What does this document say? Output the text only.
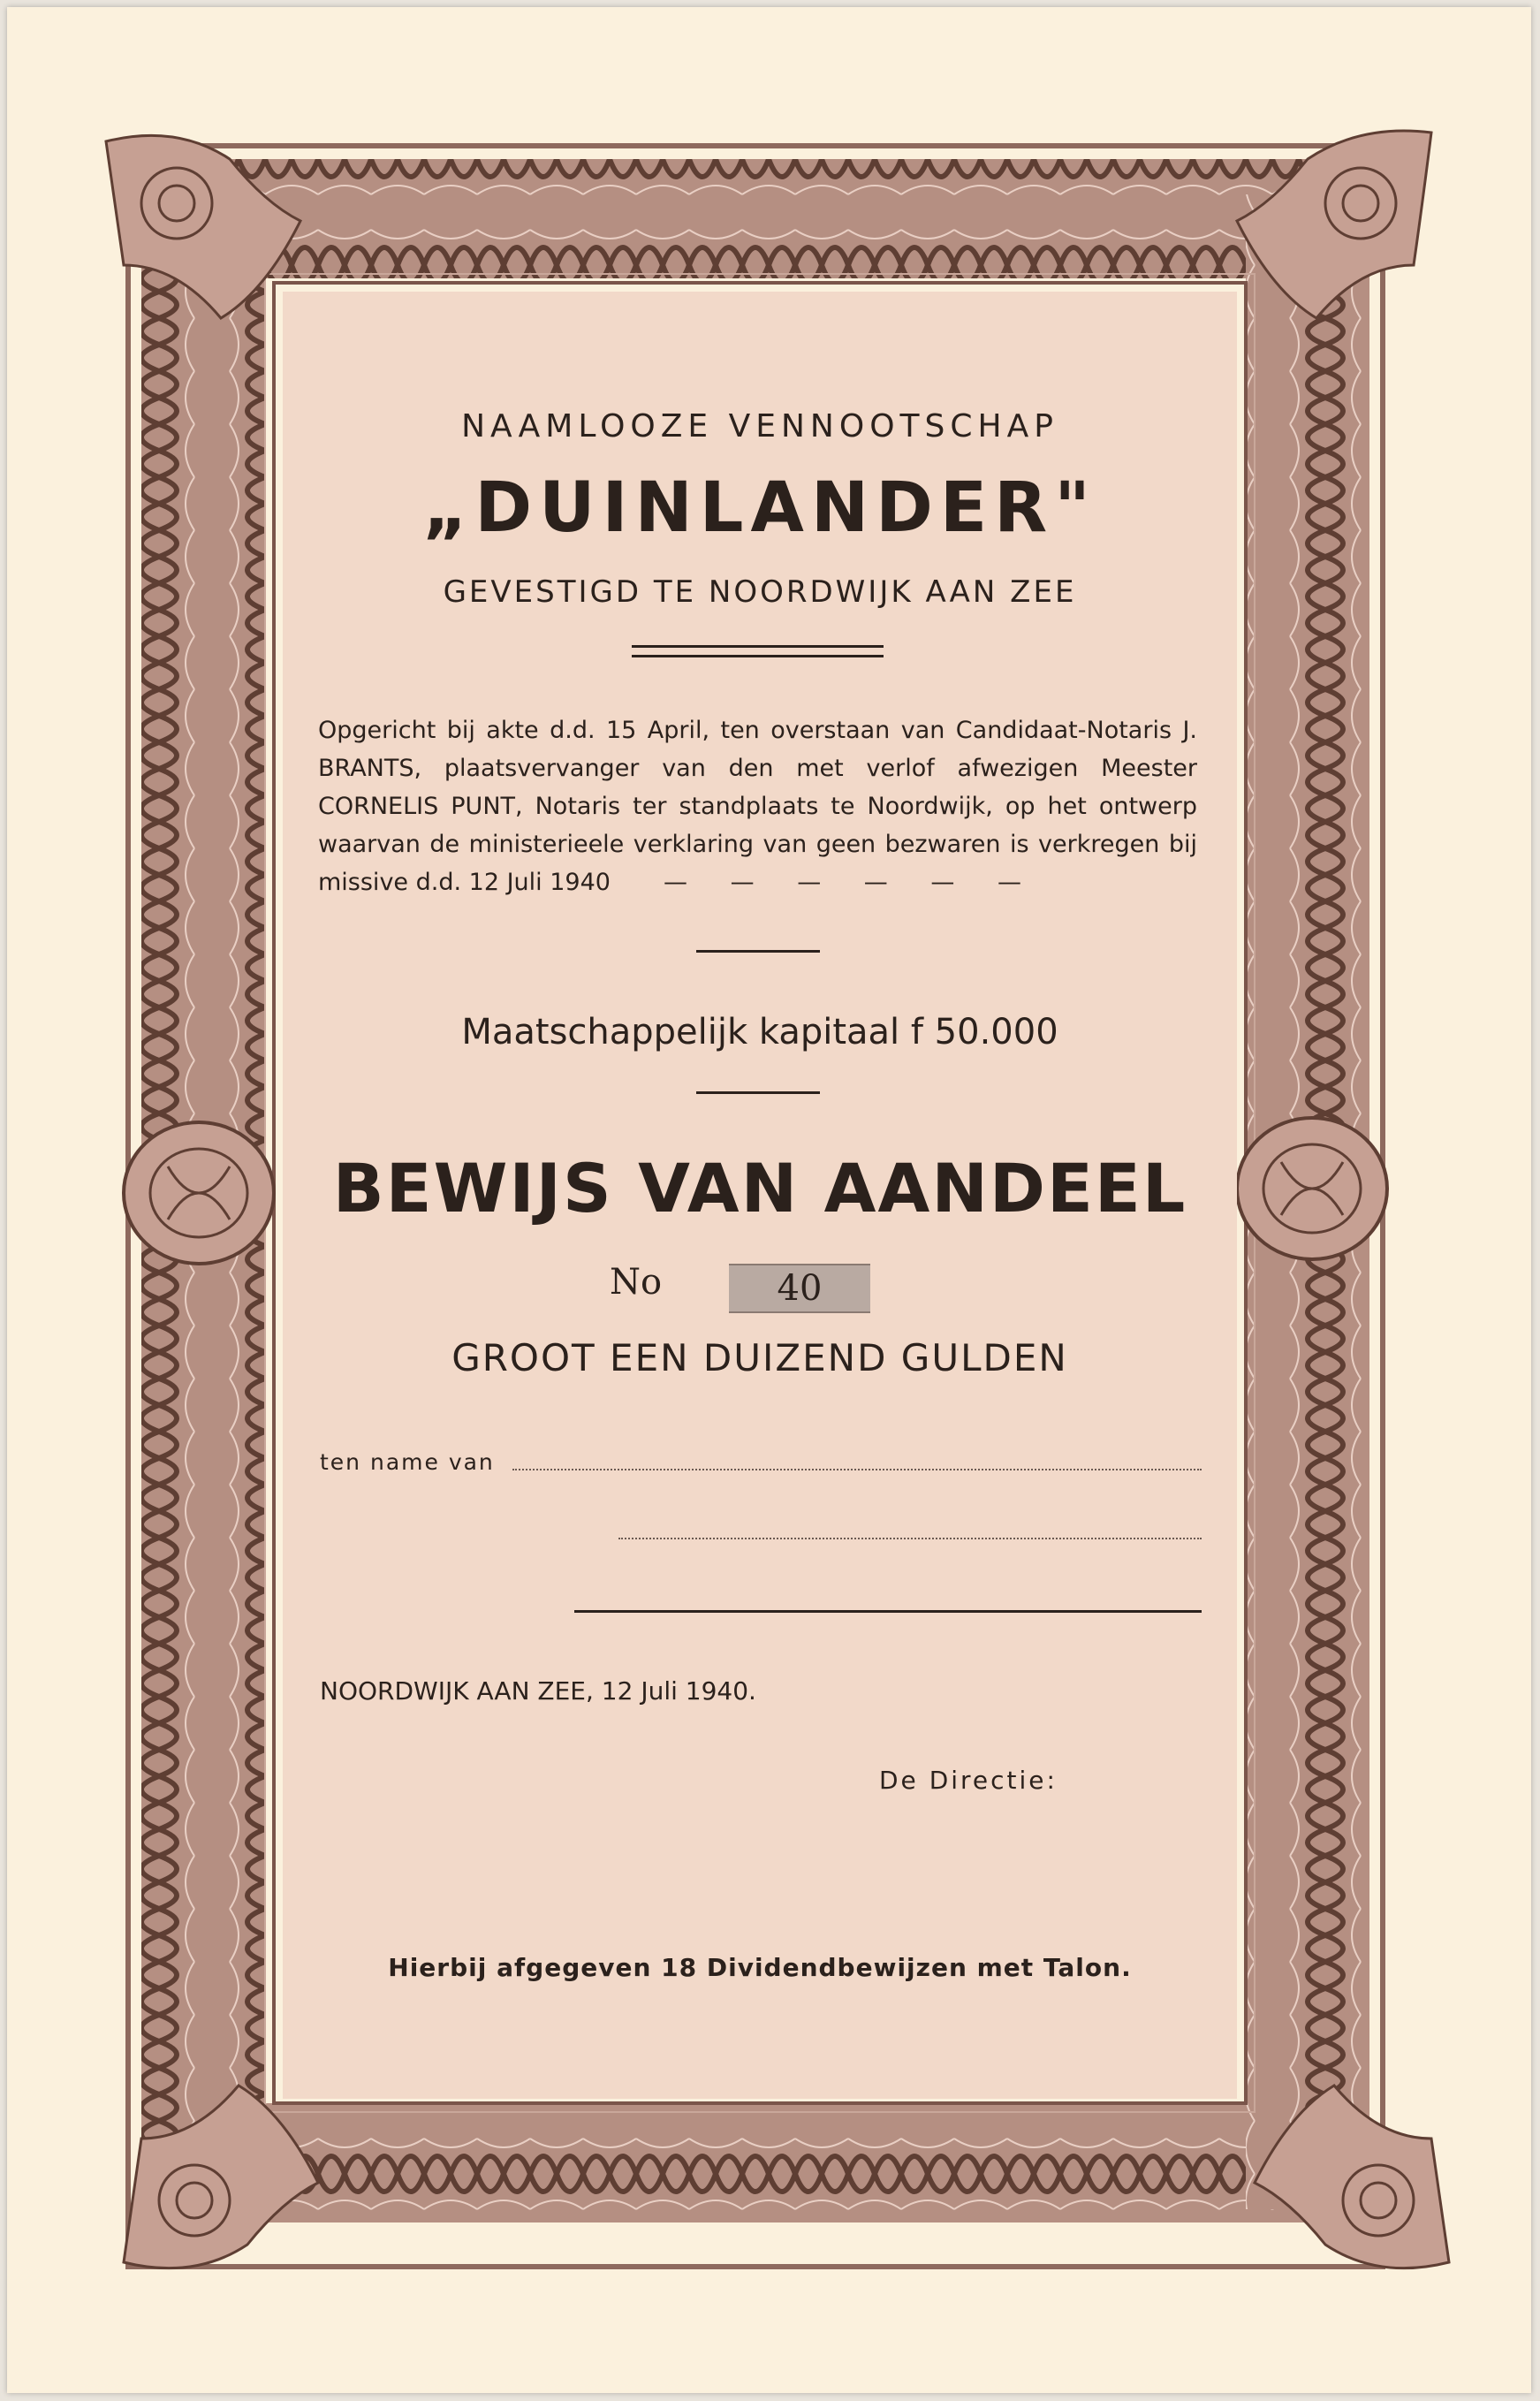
NAAMLOOZE VENNOOTSCHAP
„DUINLANDER"
GEVESTIGD TE NOORDWIJK AAN ZEE
Opgericht bij akte d.d. 15 April, ten overstaan van Candidaat-Notaris J. BRANTS, plaatsvervanger van den met verlof afwezigen Meester CORNELIS PUNT, Notaris ter standplaats te Noordwijk, op het ontwerp waarvan de ministerieele verklaring van geen bezwaren is verkregen bij missive d.d. 12 Juli 1940 — — — — — —
Maatschappelijk kapitaal f 50.000
BEWIJS VAN AANDEEL
No	40
GROOT EEN DUIZEND GULDEN
ten name van
NOORDWIJK AAN ZEE, 12 Juli 1940.
De Directie:
Hierbij afgegeven 18 Dividendbewijzen met Talon.
